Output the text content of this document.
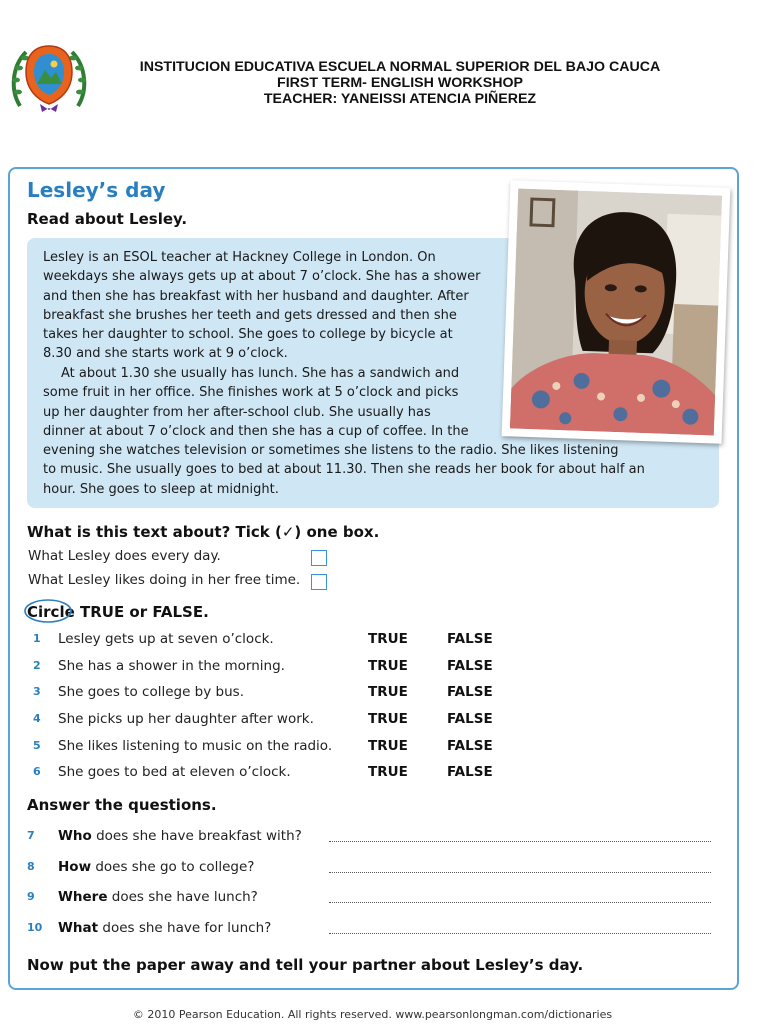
INSTITUCION EDUCATIVA ESCUELA NORMAL SUPERIOR DEL BAJO CAUCA
FIRST TERM- ENGLISH WORKSHOP
TEACHER: YANEISSI ATENCIA PIÑEREZ
Lesley’s day
Read about Lesley.
Lesley is an ESOL teacher at Hackney College in London. On
weekdays she always gets up at about 7 o’clock. She has a shower
and then she has breakfast with her husband and daughter. After
breakfast she brushes her teeth and gets dressed and then she
takes her daughter to school. She goes to college by bicycle at
8.30 and she starts work at 9 o’clock.
At about 1.30 she usually has lunch. She has a sandwich and
some fruit in her office. She finishes work at 5 o’clock and picks
up her daughter from her after-school club. She usually has
dinner at about 7 o’clock and then she has a cup of coffee. In the
evening she watches television or sometimes she listens to the radio. She likes listening
to music. She usually goes to bed at about 11.30. Then she reads her book for about half an
hour. She goes to sleep at midnight.
What is this text about? Tick (✓) one box.
What Lesley does every day.
What Lesley likes doing in her free time.
Circle
TRUE or FALSE.
1 Lesley gets up at seven o’clock.	TRUE	FALSE
2 She has a shower in the morning.	TRUE	FALSE
3 She goes to college by bus.	TRUE	FALSE
4 She picks up her daughter after work.	TRUE	FALSE
5 She likes listening to music on the radio.	TRUE	FALSE
6 She goes to bed at eleven o’clock.	TRUE	FALSE
Answer the questions.
7 Who does she have breakfast with?
8 How does she go to college?
9 Where does she have lunch?
10 What does she have for lunch?
Now put the paper away and tell your partner about Lesley’s day.
© 2010 Pearson Education. All rights reserved. www.pearsonlongman.com/dictionaries
